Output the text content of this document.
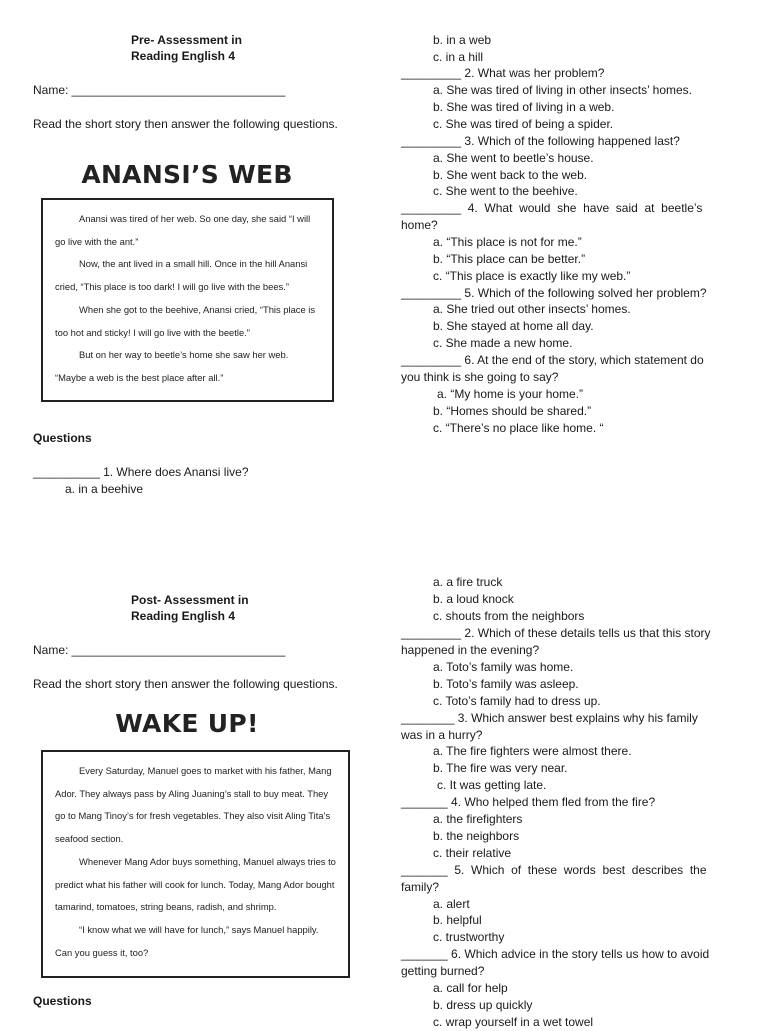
Pre- Assessment in
Reading English 4
Name: ________________________________
Read the short story then answer the following questions.
ANANSI’S WEB

Anansi was tired of her web. So one day, she said “I will go live with the ant.”

Now, the ant lived in a small hill. Once in the hill Anansi cried, “This place is too dark! I will go live with the bees.”

When she got to the beehive, Anansi cried, “This place is too hot and sticky! I will go live with the beetle.”

But on her way to beetle’s home she saw her web. “Maybe a web is the best place after all.”

Questions
__________ 1. Where does Anansi live?
a. in a beehive
b. in a web
c. in a hill
_________ 2. What was her problem?
a. She was tired of living in other insects’ homes.
b. She was tired of living in a web.
c. She was tired of being a spider.
_________ 3. Which of the following happened last?
a. She went to beetle’s house.
b. She went back to the web.
c. She went to the beehive.
_________  4.  What  would  she  have  said  at  beetle’s
home?
a. “This place is not for me.”
b. “This place can be better.”
c. “This place is exactly like my web.”
_________ 5. Which of the following solved her problem?
a. She tried out other insects’ homes.
b. She stayed at home all day.
c. She made a new home.
_________ 6. At the end of the story, which statement do
you think is she going to say?
a. “My home is your home.”
b. “Homes should be shared.”
c. “There’s no place like home. “
Post- Assessment in
Reading English 4
Name: ________________________________
Read the short story then answer the following questions.
WAKE UP!

Every Saturday, Manuel goes to market with his father, Mang Ador. They always pass by Aling Juaning’s stall to buy meat. They go to Mang Tinoy’s for fresh vegetables. They also visit Aling Tita’s seafood section.

Whenever Mang Ador buys something, Manuel always tries to predict what his father will cook for lunch. Today, Mang Ador bought tamarind, tomatoes, string beans, radish, and shrimp.

“I know what we will have for lunch,” says Manuel happily. Can you guess it, too?

Questions
a. a fire truck
b. a loud knock
c. shouts from the neighbors
_________ 2. Which of these details tells us that this story
happened in the evening?
a. Toto’s family was home.
b. Toto’s family was asleep.
c. Toto’s family had to dress up.
________ 3. Which answer best explains why his family
was in a hurry?
a. The fire fighters were almost there.
b. The fire was very near.
c. It was getting late.
_______ 4. Who helped them fled from the fire?
a. the firefighters
b. the neighbors
c. their relative
_______  5.  Which  of  these  words  best  describes  the
family?
a. alert
b. helpful
c. trustworthy
_______ 6. Which advice in the story tells us how to avoid
getting burned?
a. call for help
b. dress up quickly
c. wrap yourself in a wet towel
